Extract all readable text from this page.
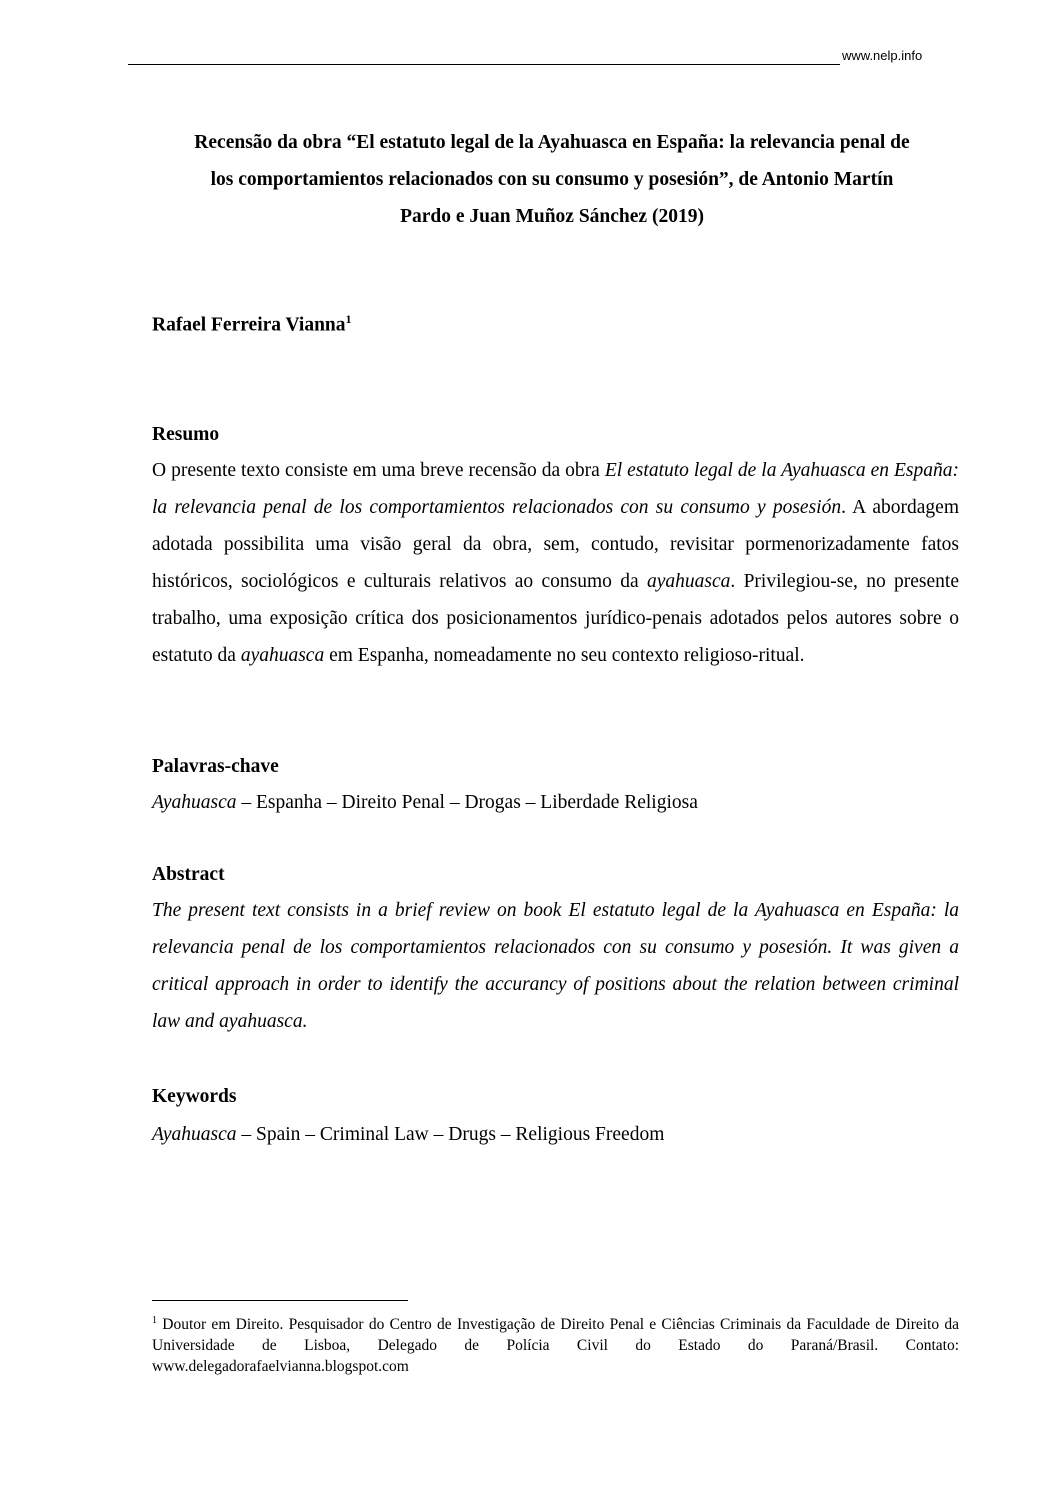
www.nelp.info
Recensão da obra “El estatuto legal de la Ayahuasca en España: la relevancia penal de
los comportamientos relacionados con su consumo y posesión”, de Antonio Martín
Pardo e Juan Muñoz Sánchez (2019)
Rafael Ferreira Vianna$^1$
Resumo
O presente texto consiste em uma breve recensão da obra El estatuto legal de la Ayahuasca en España: la relevancia penal de los comportamientos relacionados con su consumo y posesión. A abordagem adotada possibilita uma visão geral da obra, sem, contudo, revisitar pormenorizadamente fatos históricos, sociológicos e culturais relativos ao consumo da ayahuasca. Privilegiou-se, no presente trabalho, uma exposição crítica dos posicionamentos jurídico-penais adotados pelos autores sobre o estatuto da ayahuasca em Espanha, nomeadamente no seu contexto religioso-ritual.
Palavras-chave
Ayahuasca – Espanha – Direito Penal – Drogas – Liberdade Religiosa
Abstract
The present text consists in a brief review on book El estatuto legal de la Ayahuasca en España: la relevancia penal de los comportamientos relacionados con su consumo y posesión. It was given a critical approach in order to identify the accurancy of positions about the relation between criminal law and ayahuasca.
Keywords
Ayahuasca – Spain – Criminal Law – Drugs – Religious Freedom
$^1$ Doutor em Direito. Pesquisador do Centro de Investigação de Direito Penal e Ciências Criminais da Faculdade de Direito da Universidade de Lisboa, Delegado de Polícia Civil do Estado do Paraná/Brasil. Contato: www.delegadorafaelvianna.blogspot.com
